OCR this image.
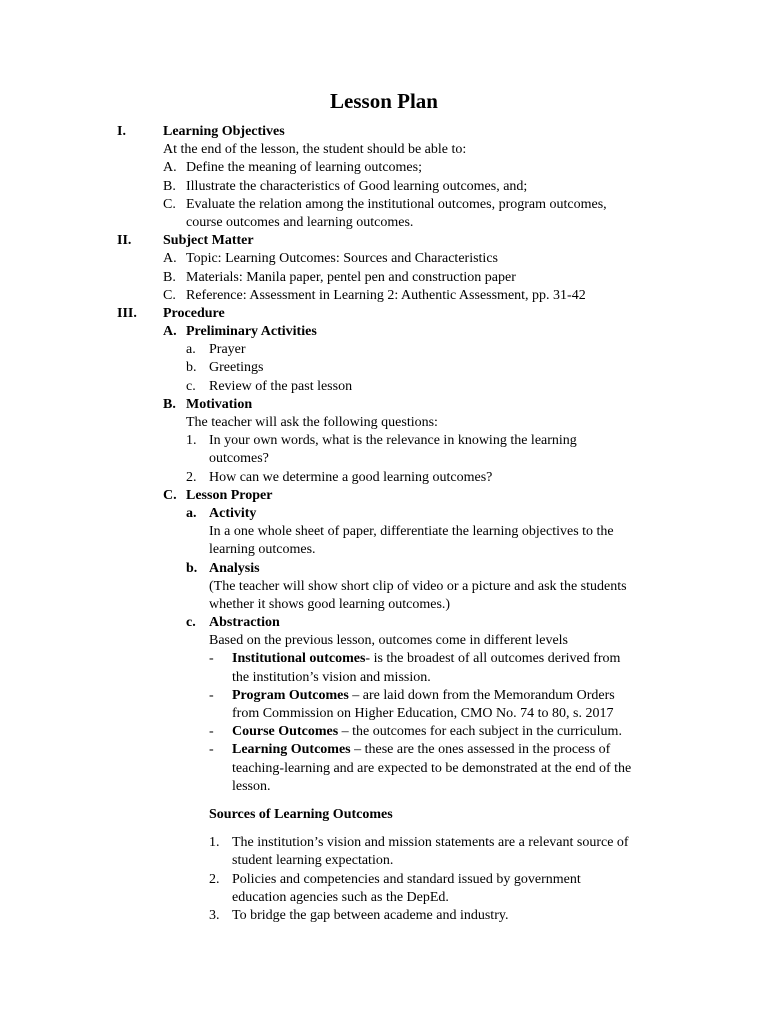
Lesson Plan
I.	Learning Objectives
At the end of the lesson, the student should be able to:
A. Define the meaning of learning outcomes;
B. Illustrate the characteristics of Good learning outcomes, and;
C. Evaluate the relation among the institutional outcomes, program outcomes,
course outcomes and learning outcomes.
II. Subject Matter
A. Topic: Learning Outcomes: Sources and Characteristics
B. Materials: Manila paper, pentel pen and construction paper
C. Reference: Assessment in Learning 2: Authentic Assessment, pp. 31-42
III. Procedure
A. Preliminary Activities
a. Prayer
b. Greetings
c. Review of the past lesson
B. Motivation
The teacher will ask the following questions:
1. In your own words, what is the relevance in knowing the learning
outcomes?
2. How can we determine a good learning outcomes?
C. Lesson Proper
a. Activity
In a one whole sheet of paper, differentiate the learning objectives to the
learning outcomes.
b. Analysis
(The teacher will show short clip of video or a picture and ask the students
whether it shows good learning outcomes.)
c. Abstraction
Based on the previous lesson, outcomes come in different levels
- Institutional outcomes- is the broadest of all outcomes derived from
the institution’s vision and mission.
- Program Outcomes – are laid down from the Memorandum Orders
from Commission on Higher Education, CMO No. 74 to 80, s. 2017
- Course Outcomes – the outcomes for each subject in the curriculum.
- Learning Outcomes – these are the ones assessed in the process of
teaching-learning and are expected to be demonstrated at the end of the
lesson.
Sources of Learning Outcomes
1. The institution’s vision and mission statements are a relevant source of
student learning expectation.
2. Policies and competencies and standard issued by government
education agencies such as the DepEd.
3. To bridge the gap between academe and industry.
